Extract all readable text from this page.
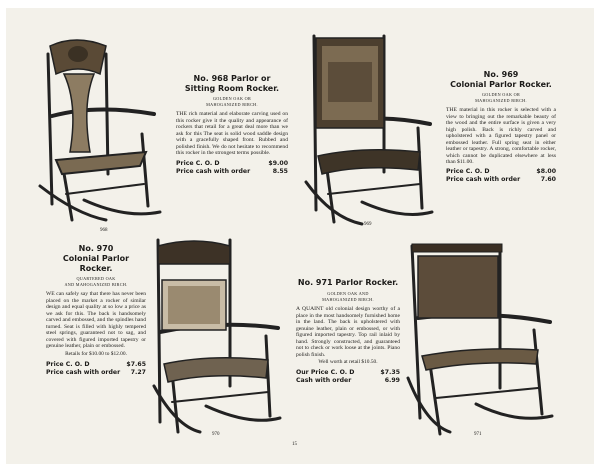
968
No. 968 Parlor or
Sitting Room Rocker.
GOLDEN OAK OR
MAHOGANIZED BIRCH.

THE rich material and elaborate carving used on this rocker give it the quality and appearance of rockers that retail for a great deal more than we ask for this The seat is solid wood saddle design with a gracefully shaped front. Rubbed and polished finish. We do not hesitate to recommend this rocker in the strongest terms possible.

Price C. O. D	$9.00
Price cash with order	8.55
969
No. 969
Colonial Parlor Rocker.
GOLDEN OAK OR
MAHOGANIZED BIRCH.

THE material in this rocker is selected with a view to bringing out the remarkable beauty of the wood and the entire surface is given a very high polish. Back is richly carved and upholstered with a figured tapestry panel or embossed leather. Full spring seat in either leather or tapestry. A strong, comfortable rocker, which cannot be duplicated elsewhere at less than $11.00.

Price C. O. D	$8.00
Price cash with order	7.60
970
No. 970
Colonial Parlor Rocker.
QUARTERED OAK
AND MAHOGANIZED BIRCH.

WE can safely say that there has never been placed on the market a rocker of similar design and equal quality at so low a price as we ask for this. The back is handsomely carved and embossed, and the spindles hand turned. Seat is filled with highly tempered steel springs, guaranteed not to sag, and covered with figured imported tapestry or genuine leather, plain or embossed.

Retails for $10.00 to $12.00.

Price C. O. D	$7.65
Price cash with order	7.27
971
No. 971 Parlor Rocker.
GOLDEN OAK AND
MAHOGANIZED BIRCH.

A QUAINT old colonial design worthy of a place in the most handsomely furnished home in the land. The back is upholstered with genuine leather, plain or embossed, or with figured imported tapestry. Top rail inlaid by hand. Strongly constructed, and guaranteed not to check or work loose at the joints. Piano polish finish.

Well worth at retail $10.50.

Our Price C. O. D	$7.35
Cash with order	6.99
15
